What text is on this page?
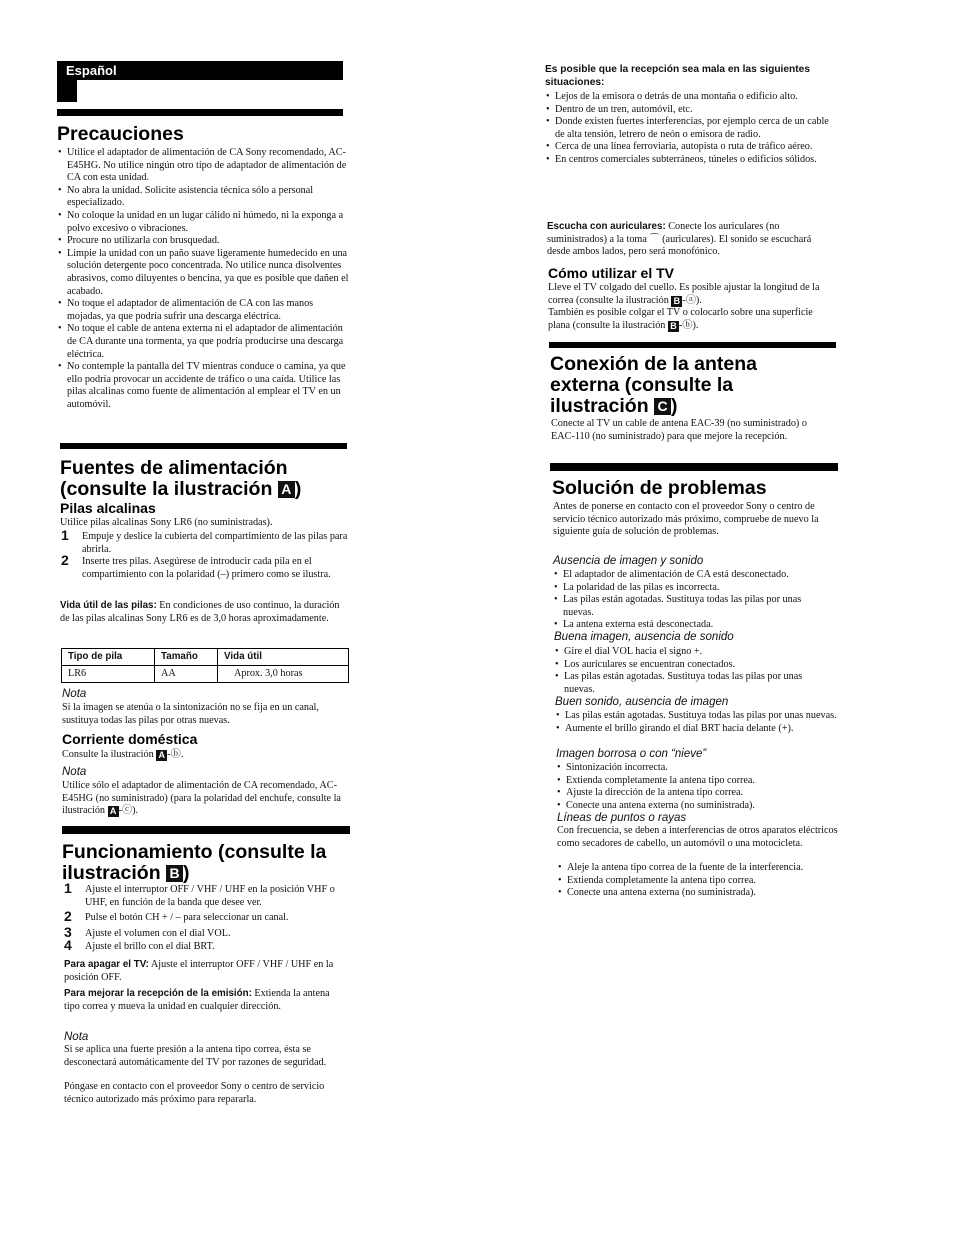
Español
Precauciones
• Utilice el adaptador de alimentación de CA Sony recomendado, AC-E45HG. No utilice ningún otro tipo de adaptador de alimentación de CA con esta unidad.
• No abra la unidad. Solicite asistencia técnica sólo a personal especializado.
• No coloque la unidad en un lugar cálido ni húmedo, ni la exponga a polvo excesivo o vibraciones.
• Procure no utilizarla con brusquedad.
• Limpie la unidad con un paño suave ligeramente humedecido en una solución detergente poco concentrada. No utilice nunca disolventes abrasivos, como diluyentes o bencina, ya que es posible que dañen el acabado.
• No toque el adaptador de alimentación de CA con las manos mojadas, ya que podría sufrir una descarga eléctrica.
• No toque el cable de antena externa ni el adaptador de alimentación de CA durante una tormenta, ya que podría producirse una descarga eléctrica.
• No contemple la pantalla del TV mientras conduce o camina, ya que ello podría provocar un accidente de tráfico o una caída. Utilice las pilas alcalinas como fuente de alimentación al emplear el TV en un automóvil.
Fuentes de alimentación
(consulte la ilustración A )
Pilas alcalinas
Utilice pilas alcalinas Sony LR6 (no suministradas).
1 Empuje y deslice la cubierta del compartimiento de las pilas para abrirla.
2 Inserte tres pilas. Asegúrese de introducir cada pila en el compartimiento con la polaridad (–) primero como se ilustra.
Vida útil de las pilas: En condiciones de uso continuo, la duración de las pilas alcalinas Sony LR6 es de 3,0 horas aproximadamente.
Tipo de pila	Tamaño	Vida útil
LR6	AA	Aprox. 3,0 horas
Nota
Si la imagen se atenúa o la sintonización no se fija en un canal, sustituya todas las pilas por otras nuevas.
Corriente doméstica
Consulte la ilustración A -ⓑ.
Nota
Utilice sólo el adaptador de alimentación de CA recomendado, AC-E45HG (no suministrado) (para la polaridad del enchufe, consulte la ilustración A -ⓒ).
Funcionamiento (consulte la
ilustración B )
1 Ajuste el interruptor OFF / VHF / UHF en la posición VHF o UHF, en función de la banda que desee ver.
2 Pulse el botón CH + / – para seleccionar un canal.
3 Ajuste el volumen con el dial VOL.
4 Ajuste el brillo con el dial BRT.
Para apagar el TV: Ajuste el interruptor OFF / VHF / UHF en la posición OFF.
Para mejorar la recepción de la emisión: Extienda la antena tipo correa y mueva la unidad en cualquier dirección.
Nota
Si se aplica una fuerte presión a la antena tipo correa, ésta se desconectará automáticamente del TV por razones de seguridad.
Póngase en contacto con el proveedor Sony o centro de servicio técnico autorizado más próximo para repararla.
Es posible que la recepción sea mala en las siguientes situaciones:
• Lejos de la emisora o detrás de una montaña o edificio alto.
• Dentro de un tren, automóvil, etc.
• Donde existen fuertes interferencias, por ejemplo cerca de un cable de alta tensión, letrero de neón o emisora de radio.
• Cerca de una línea ferroviaria, autopista o ruta de tráfico aéreo.
• En centros comerciales subterráneos, túneles o edificios sólidos.
Escucha con auriculares: Conecte los auriculares (no suministrados) a la toma ⌒ (auriculares). El sonido se escuchará desde ambos lados, pero será monofónico.
Cómo utilizar el TV
Lleve el TV colgado del cuello. Es posible ajustar la longitud de la correa (consulte la ilustración B -ⓐ).
También es posible colgar el TV o colocarlo sobre una superficie plana (consulte la ilustración B -ⓑ).
Conexión de la antena
externa (consulte la
ilustración C )
Conecte al TV un cable de antena EAC-39 (no suministrado) o EAC-110 (no suministrado) para que mejore la recepción.
Solución de problemas
Antes de ponerse en contacto con el proveedor Sony o centro de servicio técnico autorizado más próximo, compruebe de nuevo la siguiente guía de solución de problemas.
Ausencia de imagen y sonido
• El adaptador de alimentación de CA está desconectado.
• La polaridad de las pilas es incorrecta.
• Las pilas están agotadas. Sustituya todas las pilas por unas nuevas.
• La antena externa está desconectada.
Buena imagen, ausencia de sonido
• Gire el dial VOL hacia el signo +.
• Los auriculares se encuentran conectados.
• Las pilas están agotadas. Sustituya todas las pilas por unas nuevas.
Buen sonido, ausencia de imagen
• Las pilas están agotadas. Sustituya todas las pilas por unas nuevas.
• Aumente el brillo girando el dial BRT hacia delante (+).
Imagen borrosa o con “nieve”
• Sintonización incorrecta.
• Extienda completamente la antena tipo correa.
• Ajuste la dirección de la antena tipo correa.
• Conecte una antena externa (no suministrada).
Líneas de puntos o rayas
Con frecuencia, se deben a interferencias de otros aparatos eléctricos como secadores de cabello, un automóvil o una motocicleta.
• Aleje la antena tipo correa de la fuente de la interferencia.
• Extienda completamente la antena tipo correa.
• Conecte una antena externa (no suministrada).
